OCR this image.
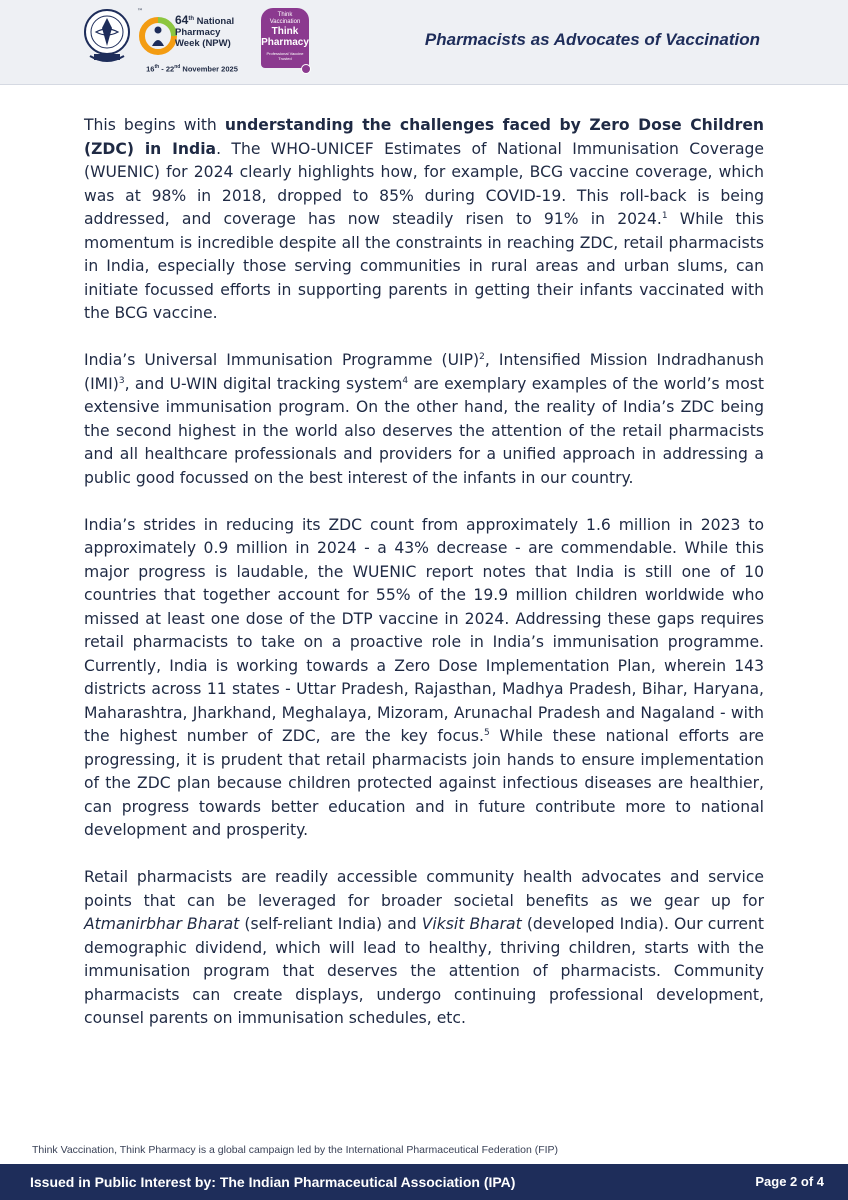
™
64th National
Pharmacy
Week (NPW)
16th - 22nd November 2025
Think
Vaccination
Think
Pharmacy
Professional Vaccine Trusted
Pharmacists as Advocates of Vaccination

This begins with understanding the challenges faced by Zero Dose Children (ZDC) in India. The WHO-UNICEF Estimates of National Immunisation Coverage (WUENIC) for 2024 clearly highlights how, for example, BCG vaccine coverage, which was at 98% in 2018, dropped to 85% during COVID-19. This roll-back is being addressed, and coverage has now steadily risen to 91% in 2024.$^1$ While this momentum is incredible despite all the constraints in reaching ZDC, retail pharmacists in India, especially those serving communities in rural areas and urban slums, can initiate focussed efforts in supporting parents in getting their infants vaccinated with the BCG vaccine.

India’s Universal Immunisation Programme (UIP)$^2$, Intensified Mission Indradhanush (IMI)$^3$, and U-WIN digital tracking system$^4$ are exemplary examples of the world’s most extensive immunisation program. On the other hand, the reality of India’s ZDC being the second highest in the world also deserves the attention of the retail pharmacists and all healthcare professionals and providers for a unified approach in addressing a public good focussed on the best interest of the infants in our country.

India’s strides in reducing its ZDC count from approximately 1.6 million in 2023 to approximately 0.9 million in 2024 - a 43% decrease - are commendable. While this major progress is laudable, the WUENIC report notes that India is still one of 10 countries that together account for 55% of the 19.9 million children worldwide who missed at least one dose of the DTP vaccine in 2024. Addressing these gaps requires retail pharmacists to take on a proactive role in India’s immunisation programme. Currently, India is working towards a Zero Dose Implementation Plan, wherein 143 districts across 11 states - Uttar Pradesh, Rajasthan, Madhya Pradesh, Bihar, Haryana, Maharashtra, Jharkhand, Meghalaya, Mizoram, Arunachal Pradesh and Nagaland - with the highest number of ZDC, are the key focus.$^5$ While these national efforts are progressing, it is prudent that retail pharmacists join hands to ensure implementation of the ZDC plan because children protected against infectious diseases are healthier, can progress towards better education and in future contribute more to national development and prosperity.

Retail pharmacists are readily accessible community health advocates and service points that can be leveraged for broader societal benefits as we gear up for Atmanirbhar Bharat (self-reliant India) and Viksit Bharat (developed India). Our current demographic dividend, which will lead to healthy, thriving children, starts with the immunisation program that deserves the attention of pharmacists. Community pharmacists can create displays, undergo continuing professional development, counsel parents on immunisation schedules, etc.

Think Vaccination, Think Pharmacy is a global campaign led by the International Pharmaceutical Federation (FIP)
Issued in Public Interest by: The Indian Pharmaceutical Association (IPA)	Page 2 of 4
